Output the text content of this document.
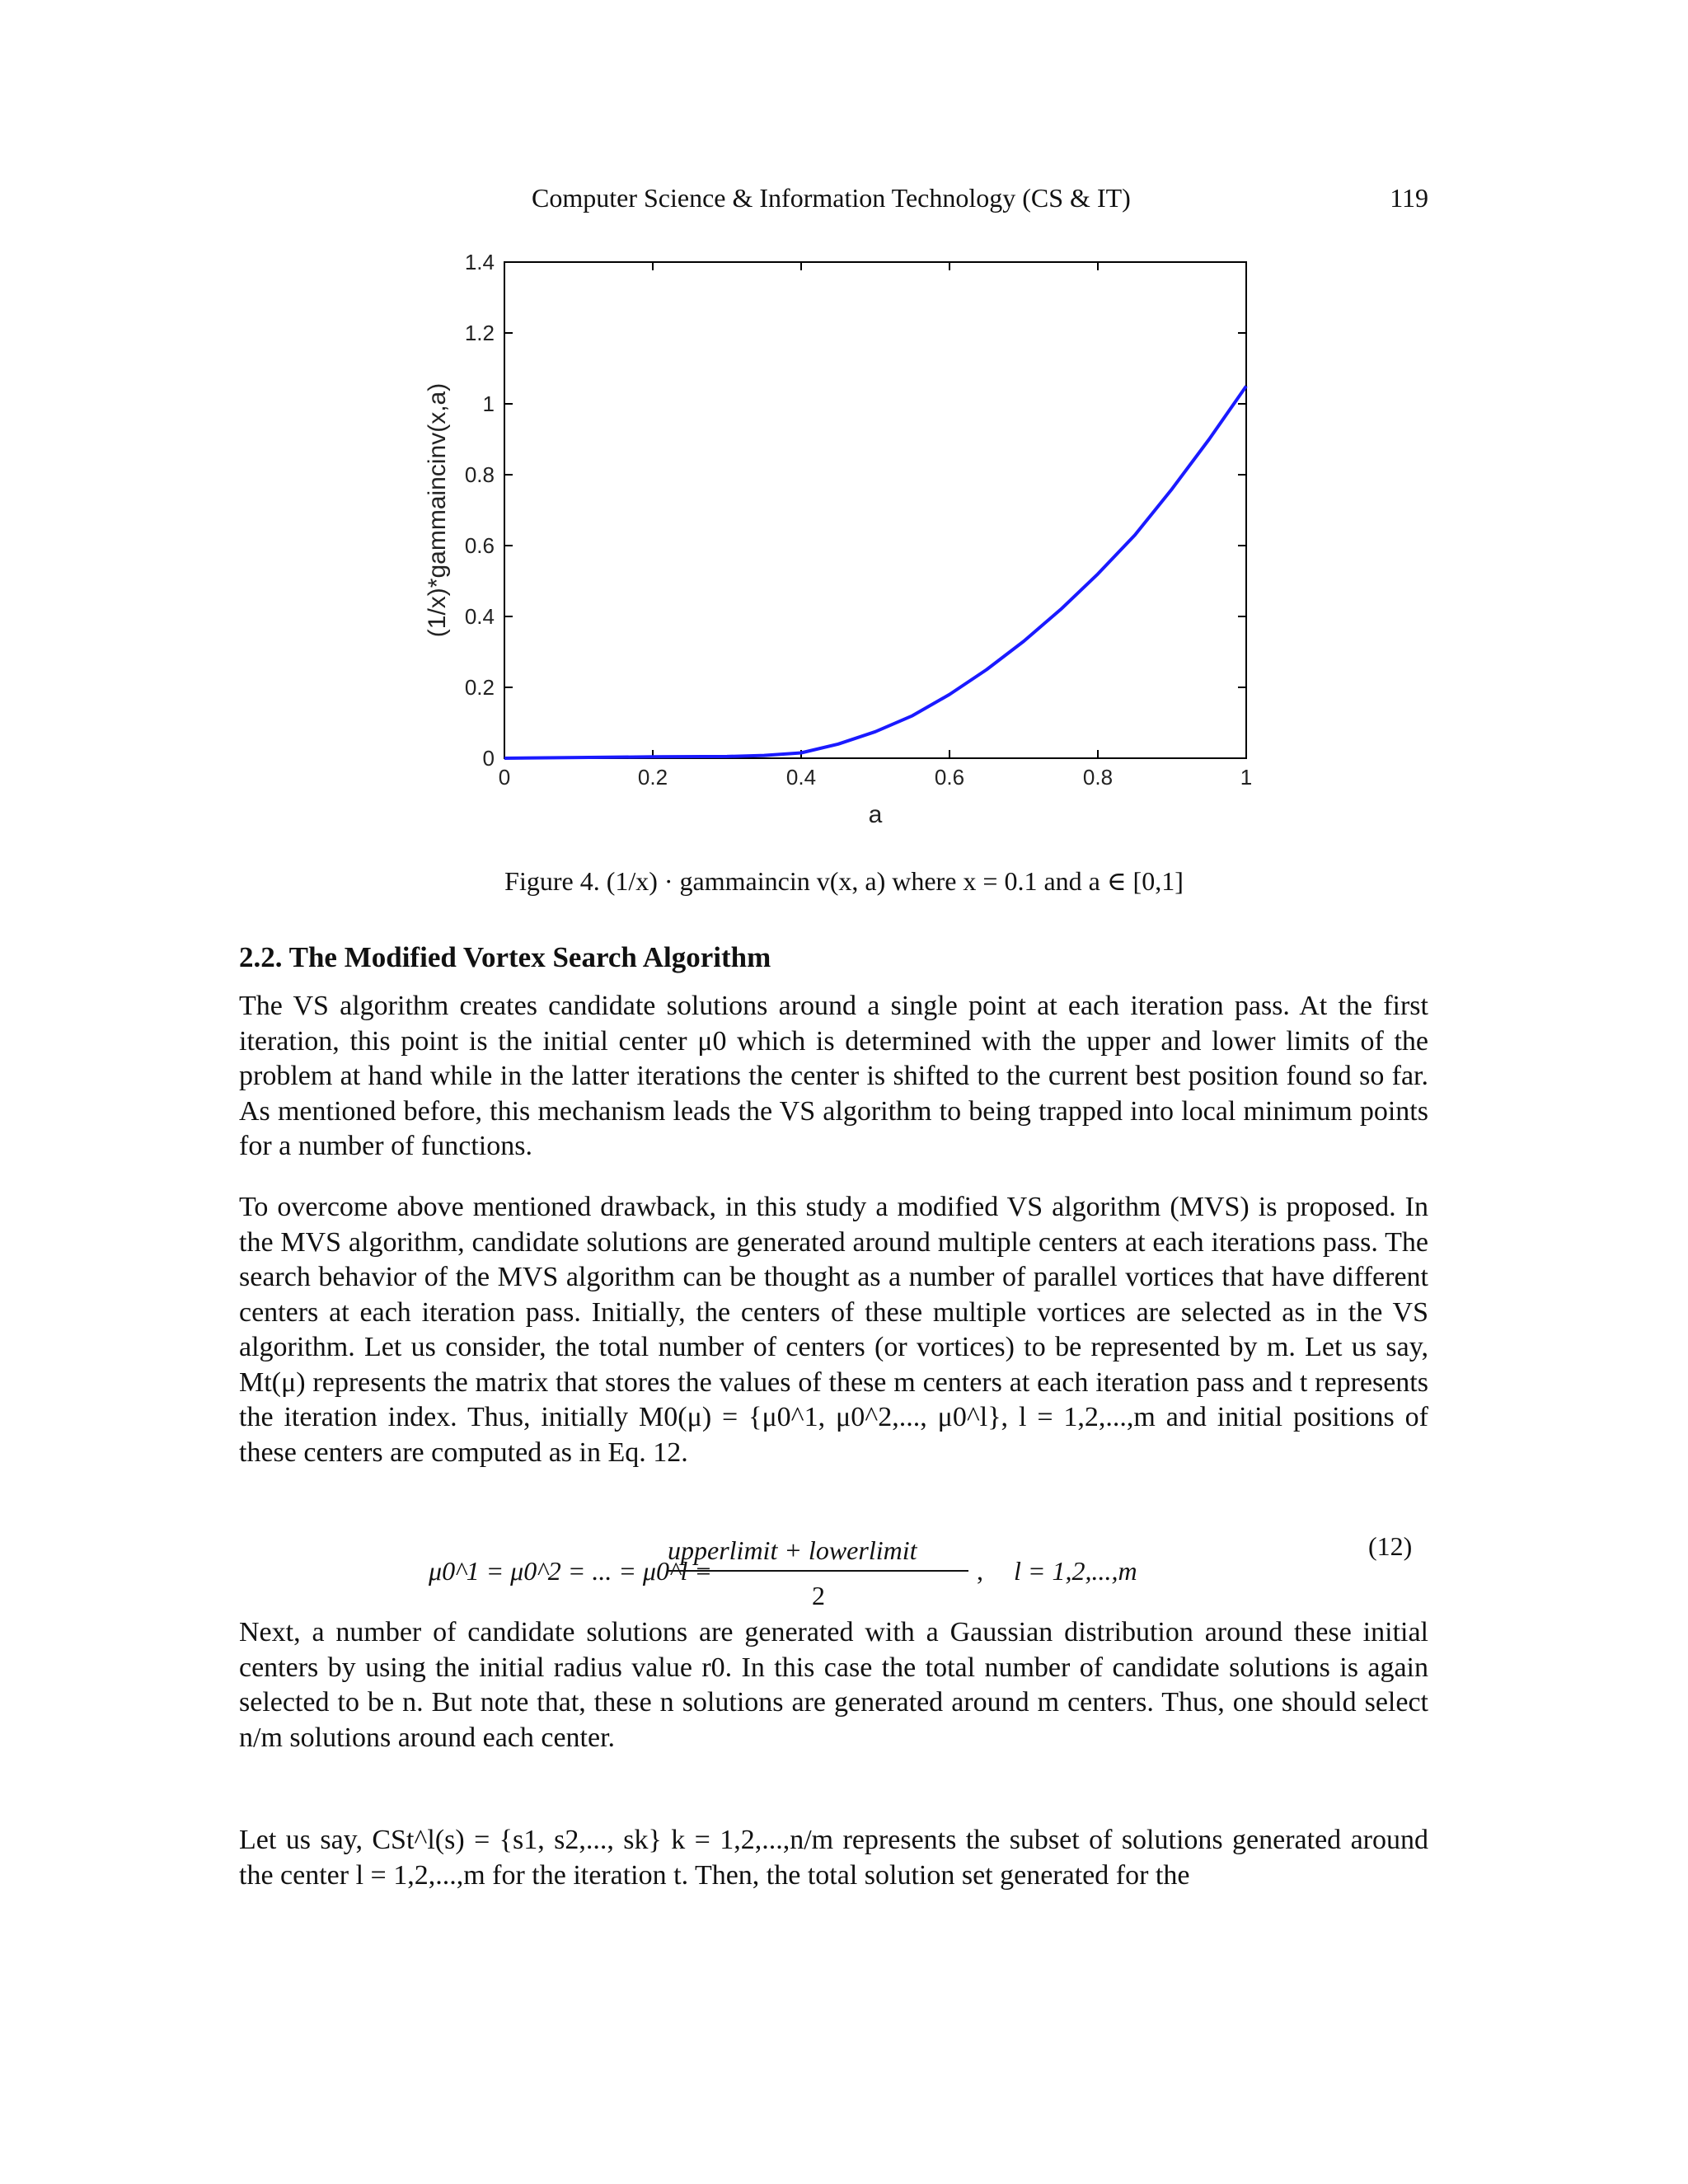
Computer Science & Information Technology (CS & IT)	119
0	0.2	0.4	0.6	0.8	1
0
0.2
0.4
0.6
0.8
1
1.2
1.4
a
(1/x)*gammaincinv(x,a)
Figure 4. (1/x) · gammaincin v(x, a) where x = 0.1 and a ∈ [0,1]
2.2. The Modified Vortex Search Algorithm

The VS algorithm creates candidate solutions around a single point at each iteration pass. At the first iteration, this point is the initial center μ0 which is determined with the upper and lower limits of the problem at hand while in the latter iterations the center is shifted to the current best position found so far. As mentioned before, this mechanism leads the VS algorithm to being trapped into local minimum points for a number of functions.

To overcome above mentioned drawback, in this study a modified VS algorithm (MVS) is proposed. In the MVS algorithm, candidate solutions are generated around multiple centers at each iterations pass. The search behavior of the MVS algorithm can be thought as a number of parallel vortices that have different centers at each iteration pass. Initially, the centers of these multiple vortices are selected as in the VS algorithm. Let us consider, the total number of centers (or vortices) to be represented by m. Let us say, Mt(μ) represents the matrix that stores the values of these m centers at each iteration pass and t represents the iteration index. Thus, initially M0(μ) = {μ0^1, μ0^2,..., μ0^l}, l = 1,2,...,m and initial positions of these centers are computed as in Eq. 12.

μ0^1 = μ0^2 = ... = μ0^l =
upperlimit + lowerlimit
2
, l = 1,2,...,m
(12)

Next, a number of candidate solutions are generated with a Gaussian distribution around these initial centers by using the initial radius value r0. In this case the total number of candidate solutions is again selected to be n. But note that, these n solutions are generated around m centers. Thus, one should select n/m solutions around each center.

Let us say, CSt^l(s) = {s1, s2,..., sk} k = 1,2,...,n/m represents the subset of solutions generated around the center l = 1,2,...,m for the iteration t. Then, the total solution set generated for the
